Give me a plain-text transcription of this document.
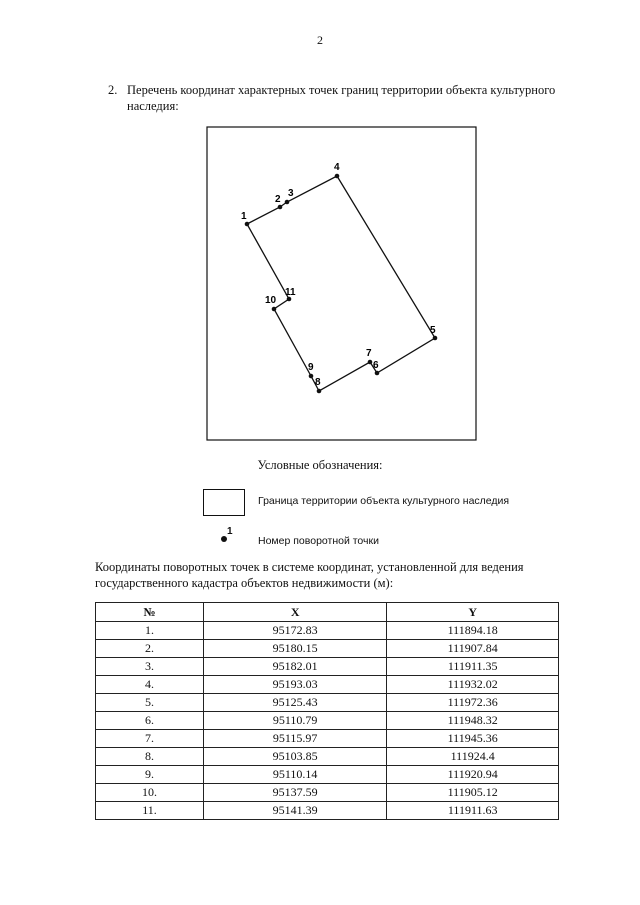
2
2. Перечень координат характерных точек границ территории объекта культурного наследия:
1
2
3
4
5
6
7
8
9
10
11
Условные обозначения:
Граница территории объекта культурного наследия
1
Номер поворотной точки
Координаты поворотных точек в системе координат, установленной для ведения государственного кадастра объектов недвижимости (м):
№	X	Y
1.	95172.83	111894.18
2.	95180.15	111907.84
3.	95182.01	111911.35
4.	95193.03	111932.02
5.	95125.43	111972.36
6.	95110.79	111948.32
7.	95115.97	111945.36
8.	95103.85	111924.4
9.	95110.14	111920.94
10.	95137.59	111905.12
11.	95141.39	111911.63
